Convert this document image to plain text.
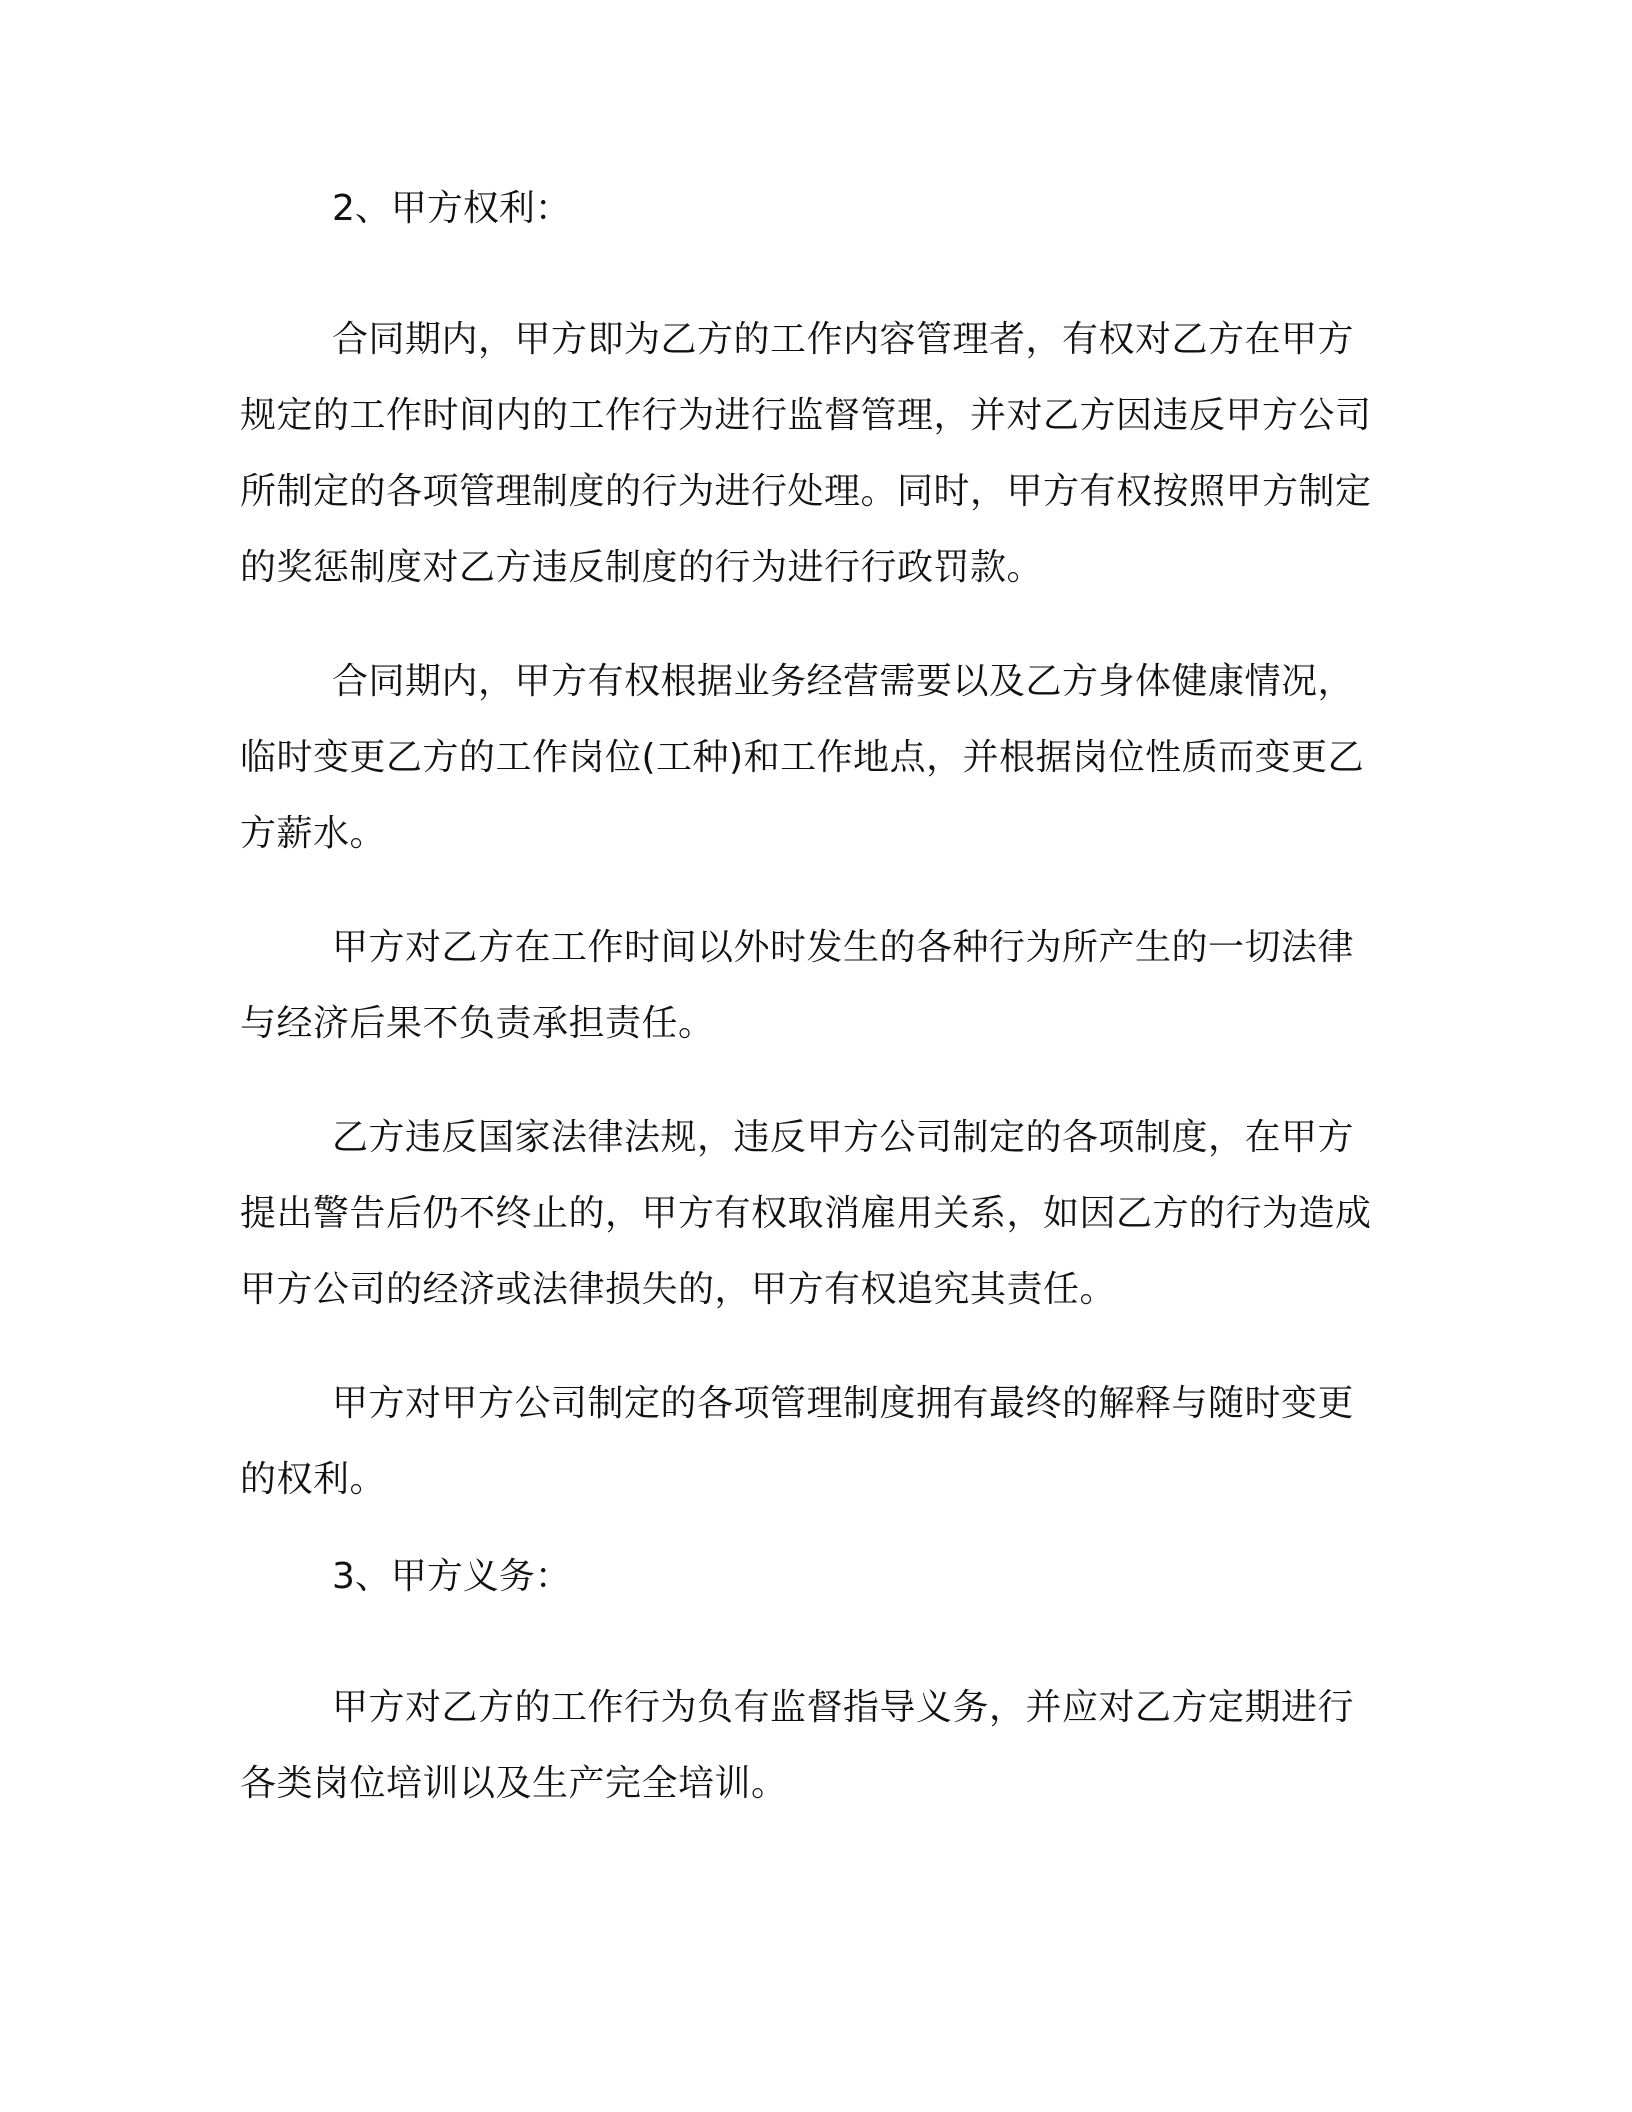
2、甲方权利：

合同期内，甲方即为乙方的工作内容管理者，有权对乙方在甲方规定的工作时间内的工作行为进行监督管理，并对乙方因违反甲方公司所制定的各项管理制度的行为进行处理。同时，甲方有权按照甲方制定的奖惩制度对乙方违反制度的行为进行行政罚款。

合同期内，甲方有权根据业务经营需要以及乙方身体健康情况，临时变更乙方的工作岗位(工种)和工作地点，并根据岗位性质而变更乙方薪水。

甲方对乙方在工作时间以外时发生的各种行为所产生的一切法律与经济后果不负责承担责任。

乙方违反国家法律法规，违反甲方公司制定的各项制度，在甲方提出警告后仍不终止的，甲方有权取消雇用关系，如因乙方的行为造成甲方公司的经济或法律损失的，甲方有权追究其责任。

甲方对甲方公司制定的各项管理制度拥有最终的解释与随时变更的权利。

3、甲方义务：

甲方对乙方的工作行为负有监督指导义务，并应对乙方定期进行各类岗位培训以及生产完全培训。
